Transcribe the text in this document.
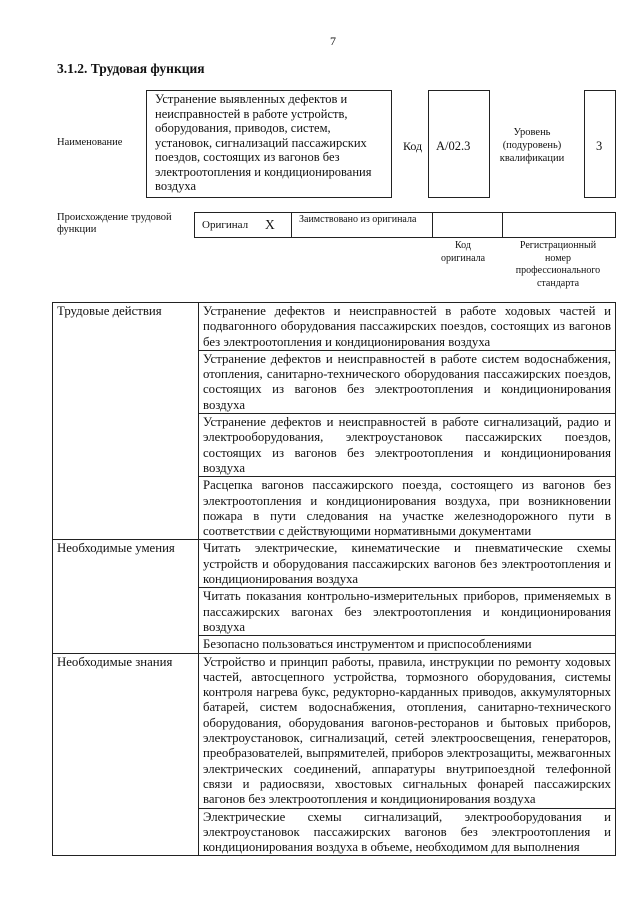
7
3.1.2. Трудовая функция
Наименование
Устранение выявленных дефектов и неисправностей в работе устройств, оборудования, приводов, систем, установок, сигнализаций пассажирских поездов, состоящих из вагонов без электроотопления и кондиционирования воздуха
Код A/02.3
Уровень (подуровень) квалификации
3
Происхождение трудовой функции	Оригинал X Заимствовано из оригинала
Код оригинала
Регистрационный номер профессионального стандарта
Трудовые действия	Устранение дефектов и неисправностей в работе ходовых частей и подвагонного оборудования пассажирских поездов, состоящих из вагонов без электроотопления и кондиционирования воздуха
	Устранение дефектов и неисправностей в работе систем водоснабжения, отопления, санитарно-технического оборудования пассажирских поездов, состоящих из вагонов без электроотопления и кондиционирования воздуха
	Устранение дефектов и неисправностей в работе сигнализаций, радио и электрооборудования, электроустановок пассажирских поездов, состоящих из вагонов без электроотопления и кондиционирования воздуха
	Расцепка вагонов пассажирского поезда, состоящего из вагонов без электроотопления и кондиционирования воздуха, при возникновении пожара в пути следования на участке железнодорожного пути в соответствии с действующими нормативными документами
Необходимые умения	Читать электрические, кинематические и пневматические схемы устройств и оборудования пассажирских вагонов без электроотопления и кондиционирования воздуха
	Читать показания контрольно-измерительных приборов, применяемых в пассажирских вагонах без электроотопления и кондиционирования воздуха
	Безопасно пользоваться инструментом и приспособлениями
Необходимые знания	Устройство и принцип работы, правила, инструкции по ремонту ходовых частей, автосцепного устройства, тормозного оборудования, системы контроля нагрева букс, редукторно-карданных приводов, аккумуляторных батарей, систем водоснабжения, отопления, санитарно-технического оборудования, оборудования вагонов-ресторанов и бытовых приборов, электроустановок, сигнализаций, сетей электроосвещения, генераторов, преобразователей, выпрямителей, приборов электрозащиты, межвагонных электрических соединений, аппаратуры внутрипоездной телефонной связи и радиосвязи, хвостовых сигнальных фонарей пассажирских вагонов без электроотопления и кондиционирования воздуха
	Электрические схемы сигнализаций, электрооборудования и электроустановок пассажирских вагонов без электроотопления и кондиционирования воздуха в объеме, необходимом для выполнения
